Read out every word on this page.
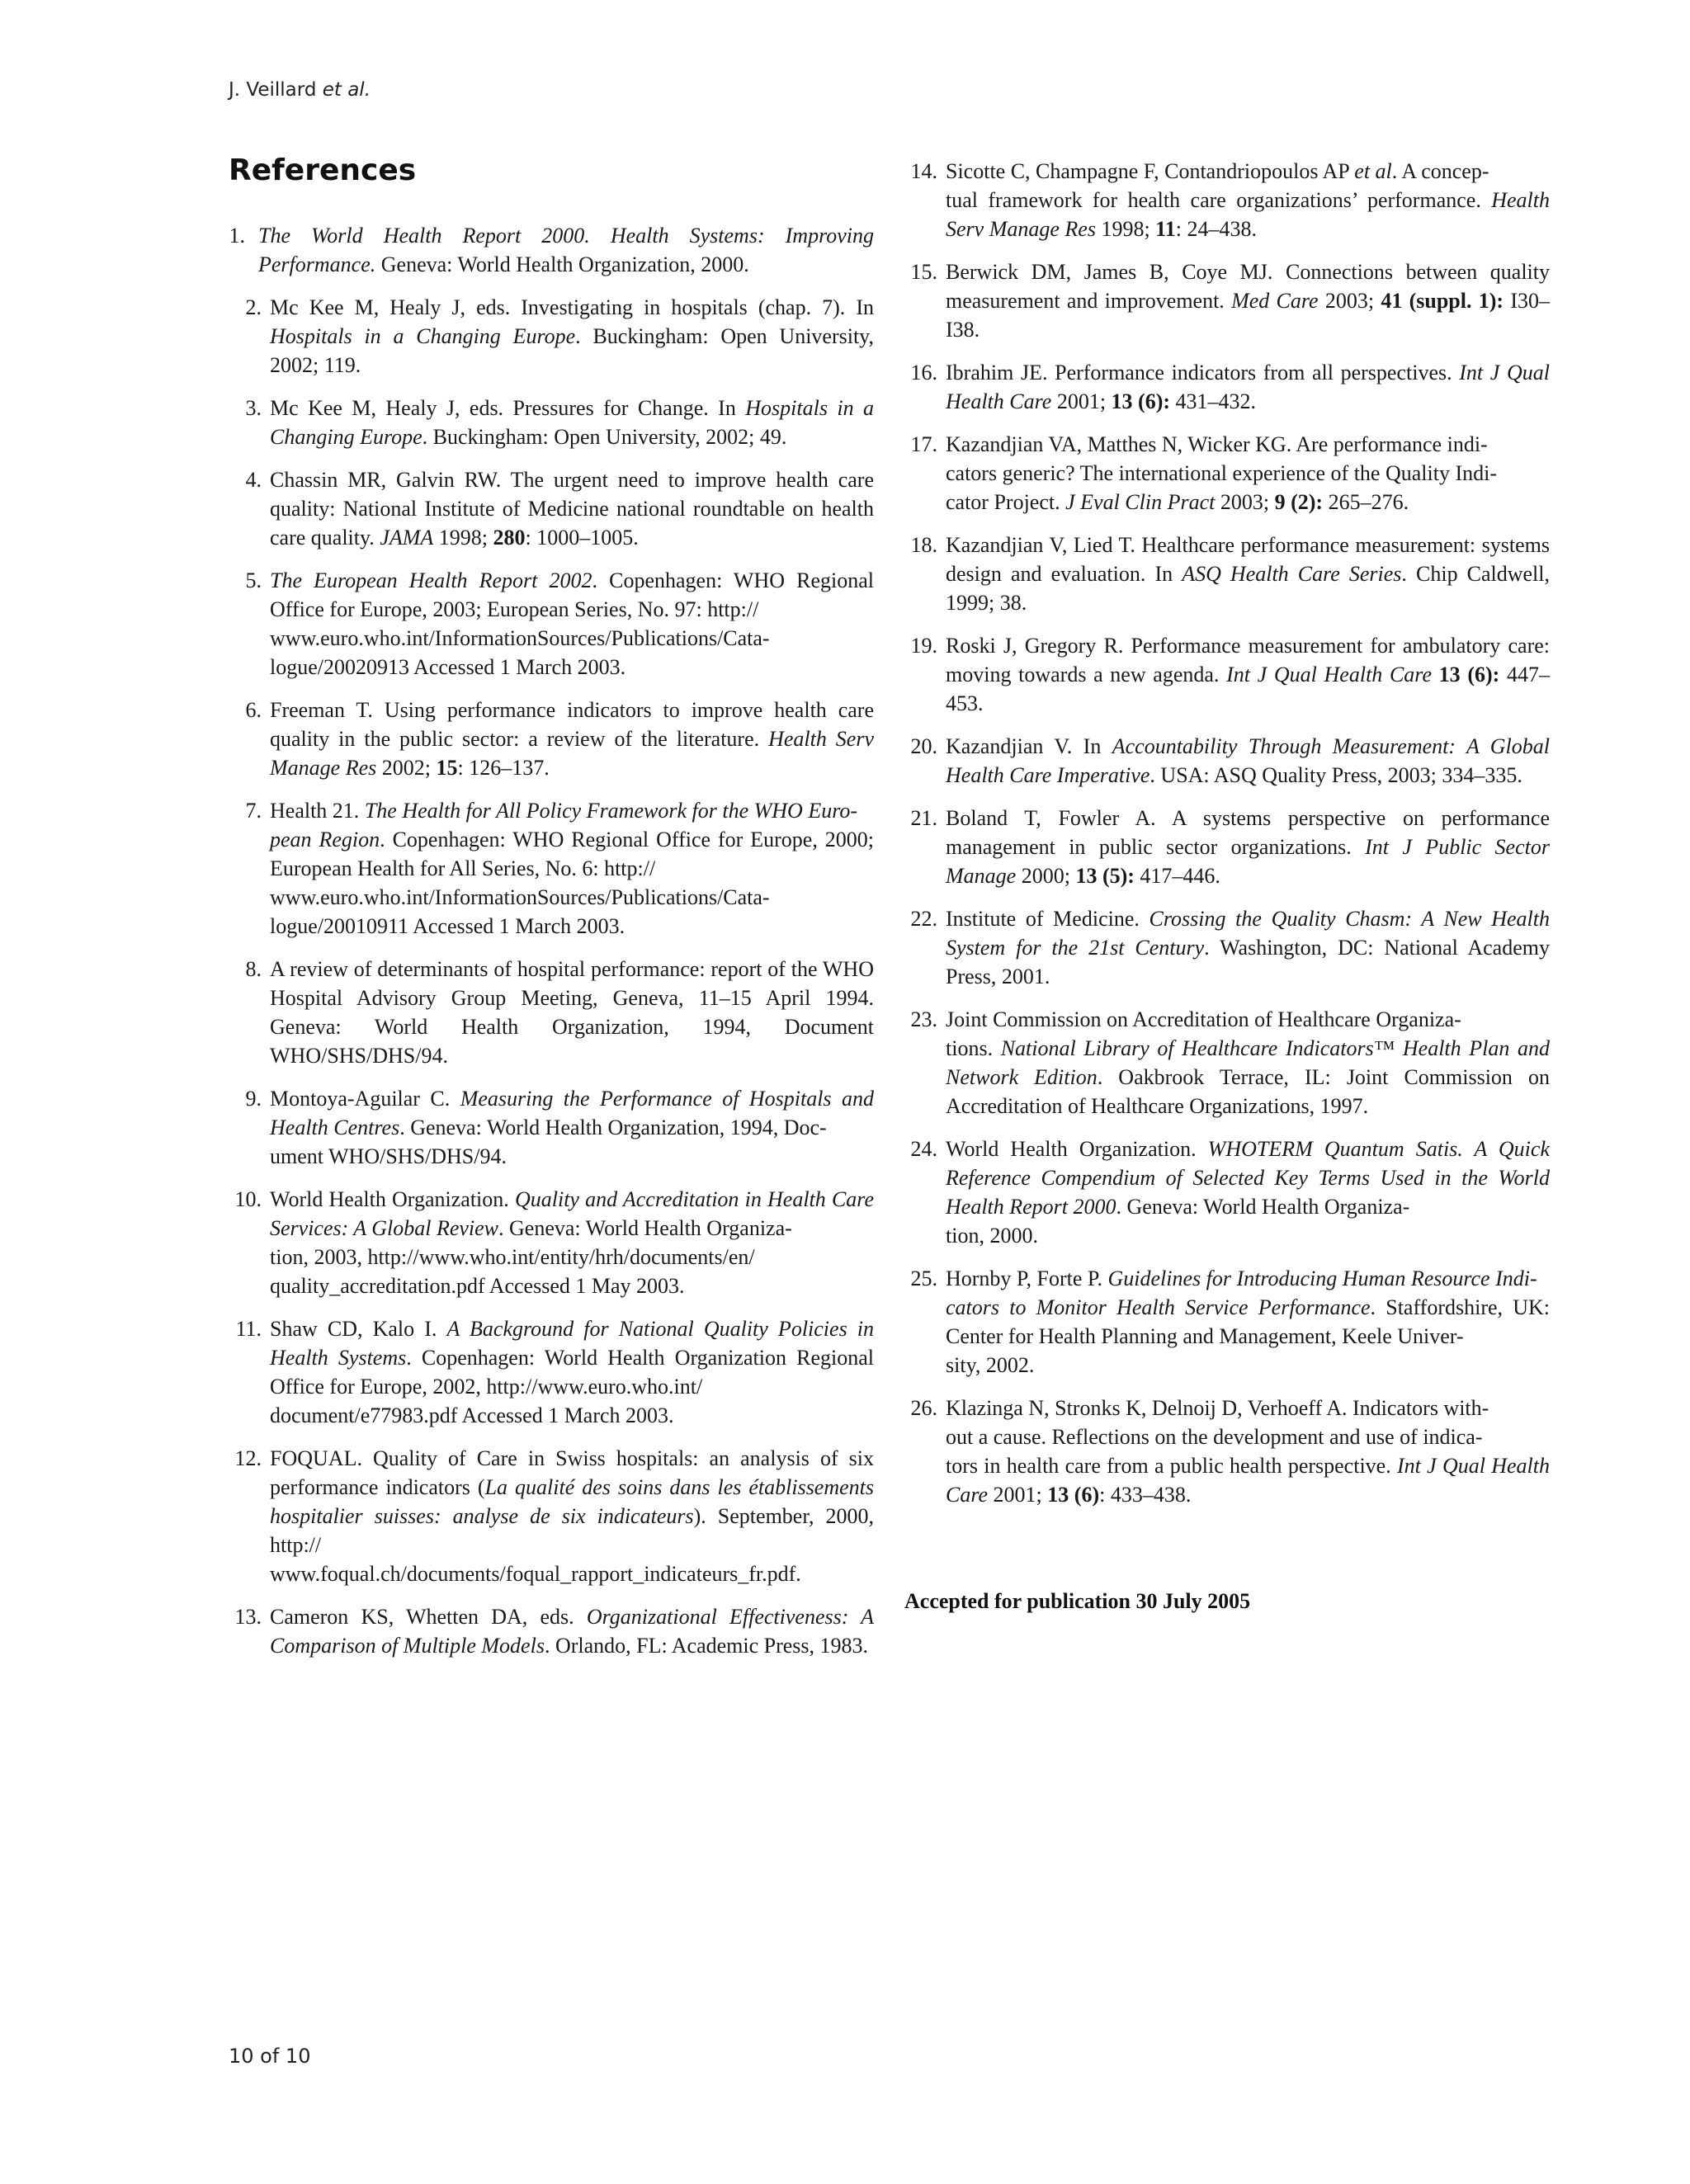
J. Veillard et al.
References
1. The World Health Report 2000. Health Systems: Improving Performance. Geneva: World Health Organization, 2000.
2. Mc Kee M, Healy J, eds. Investigating in hospitals (chap. 7). In Hospitals in a Changing Europe. Buckingham: Open University, 2002; 119.
3. Mc Kee M, Healy J, eds. Pressures for Change. In Hospitals in a Changing Europe. Buckingham: Open University, 2002; 49.
4. Chassin MR, Galvin RW. The urgent need to improve health care quality: National Institute of Medicine national roundtable on health care quality. JAMA 1998; 280: 1000–1005.
5. The European Health Report 2002. Copenhagen: WHO Regional Office for Europe, 2003; European Series, No. 97: http://
www.euro.who.int/InformationSources/Publications/Cata-
logue/20020913 Accessed 1 March 2003.
6. Freeman T. Using performance indicators to improve health care quality in the public sector: a review of the literature. Health Serv Manage Res 2002; 15: 126–137.
7. Health 21. The Health for All Policy Framework for the WHO Euro-
pean Region. Copenhagen: WHO Regional Office for Europe, 2000; European Health for All Series, No. 6: http://
www.euro.who.int/InformationSources/Publications/Cata-
logue/20010911 Accessed 1 March 2003.
8. A review of determinants of hospital performance: report of the WHO Hospital Advisory Group Meeting, Geneva, 11–15 April 1994. Geneva: World Health Organization, 1994, Document WHO/SHS/DHS/94.
9. Montoya-Aguilar C. Measuring the Performance of Hospitals and Health Centres. Geneva: World Health Organization, 1994, Doc-
ument WHO/SHS/DHS/94.
10. World Health Organization. Quality and Accreditation in Health Care Services: A Global Review. Geneva: World Health Organiza-
tion, 2003, http://www.who.int/entity/hrh/documents/en/
quality_accreditation.pdf Accessed 1 May 2003.
11. Shaw CD, Kalo I. A Background for National Quality Policies in Health Systems. Copenhagen: World Health Organization Regional Office for Europe, 2002, http://www.euro.who.int/
document/e77983.pdf Accessed 1 March 2003.
12. FOQUAL. Quality of Care in Swiss hospitals: an analysis of six performance indicators (La qualité des soins dans les établissements hospitalier suisses: analyse de six indicateurs). September, 2000, http://
www.foqual.ch/documents/foqual_rapport_indicateurs_fr.pdf.
13. Cameron KS, Whetten DA, eds. Organizational Effectiveness: A Comparison of Multiple Models. Orlando, FL: Academic Press, 1983.
14. Sicotte C, Champagne F, Contandriopoulos AP et al. A concep-
tual framework for health care organizations’ performance. Health Serv Manage Res 1998; 11: 24–438.
15. Berwick DM, James B, Coye MJ. Connections between quality measurement and improvement. Med Care 2003; 41 (suppl. 1): I30–I38.
16. Ibrahim JE. Performance indicators from all perspectives. Int J Qual Health Care 2001; 13 (6): 431–432.
17. Kazandjian VA, Matthes N, Wicker KG. Are performance indi-
cators generic? The international experience of the Quality Indi-
cator Project. J Eval Clin Pract 2003; 9 (2): 265–276.
18. Kazandjian V, Lied T. Healthcare performance measurement: systems design and evaluation. In ASQ Health Care Series. Chip Caldwell, 1999; 38.
19. Roski J, Gregory R. Performance measurement for ambulatory care: moving towards a new agenda. Int J Qual Health Care 13 (6): 447–453.
20. Kazandjian V. In Accountability Through Measurement: A Global Health Care Imperative. USA: ASQ Quality Press, 2003; 334–335.
21. Boland T, Fowler A. A systems perspective on performance management in public sector organizations. Int J Public Sector Manage 2000; 13 (5): 417–446.
22. Institute of Medicine. Crossing the Quality Chasm: A New Health System for the 21st Century. Washington, DC: National Academy Press, 2001.
23. Joint Commission on Accreditation of Healthcare Organiza-
tions. National Library of Healthcare Indicators™ Health Plan and Network Edition. Oakbrook Terrace, IL: Joint Commission on Accreditation of Healthcare Organizations, 1997.
24. World Health Organization. WHOTERM Quantum Satis. A Quick Reference Compendium of Selected Key Terms Used in the World Health Report 2000. Geneva: World Health Organiza-
tion, 2000.
25. Hornby P, Forte P. Guidelines for Introducing Human Resource Indi-
cators to Monitor Health Service Performance. Staffordshire, UK: Center for Health Planning and Management, Keele Univer-
sity, 2002.
26. Klazinga N, Stronks K, Delnoij D, Verhoeff A. Indicators with-
out a cause. Reflections on the development and use of indica-
tors in health care from a public health perspective. Int J Qual Health Care 2001; 13 (6): 433–438.
Accepted for publication 30 July 2005
10 of 10
